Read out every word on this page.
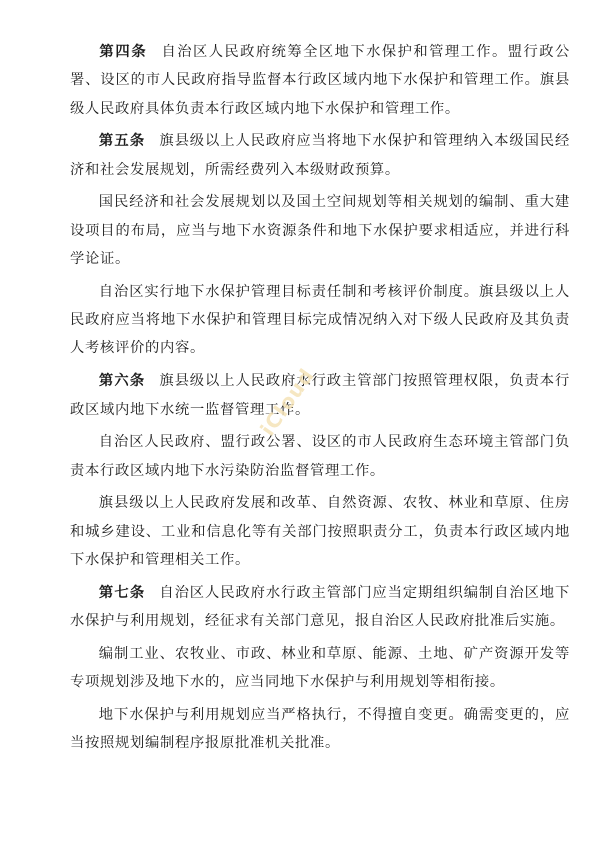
第四条 自治区人民政府统筹全区地下水保护和管理工作。盟行政公署、设区的市人民政府指导监督本行政区域内地下水保护和管理工作。旗县级人民政府具体负责本行政区域内地下水保护和管理工作。

第五条 旗县级以上人民政府应当将地下水保护和管理纳入本级国民经济和社会发展规划，所需经费列入本级财政预算。

国民经济和社会发展规划以及国土空间规划等相关规划的编制、重大建设项目的布局，应当与地下水资源条件和地下水保护要求相适应，并进行科学论证。

自治区实行地下水保护管理目标责任制和考核评价制度。旗县级以上人民政府应当将地下水保护和管理目标完成情况纳入对下级人民政府及其负责人考核评价的内容。

第六条 旗县级以上人民政府水行政主管部门按照管理权限，负责本行政区域内地下水统一监督管理工作。

自治区人民政府、盟行政公署、设区的市人民政府生态环境主管部门负责本行政区域内地下水污染防治监督管理工作。

旗县级以上人民政府发展和改革、自然资源、农牧、林业和草原、住房和城乡建设、工业和信息化等有关部门按照职责分工，负责本行政区域内地下水保护和管理相关工作。

第七条 自治区人民政府水行政主管部门应当定期组织编制自治区地下水保护与利用规划，经征求有关部门意见，报自治区人民政府批准后实施。

编制工业、农牧业、市政、林业和草原、能源、土地、矿产资源开发等专项规划涉及地下水的，应当同地下水保护与利用规划等相衔接。

地下水保护与利用规划应当严格执行，不得擅自变更。确需变更的，应当按照规划编制程序报原批准机关批准。

iCloud
